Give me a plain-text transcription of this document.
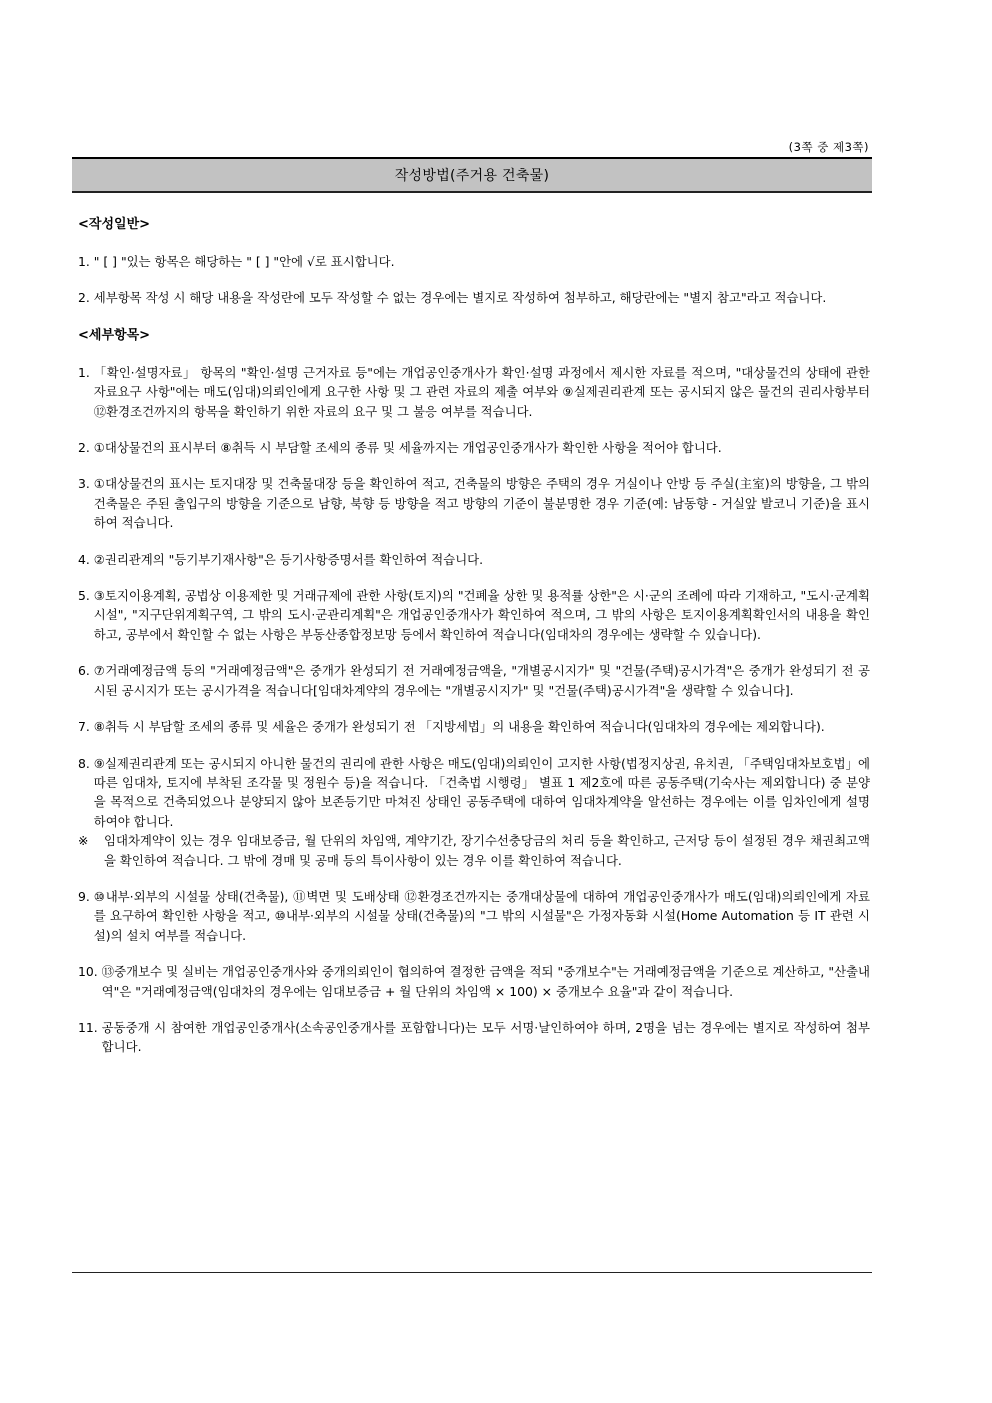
(3쪽 중 제3쪽)
작성방법(주거용 건축물)
<작성일반>
1. " [ ] "있는 항목은 해당하는 " [ ] "안에 √로 표시합니다.
2. 세부항목 작성 시 해당 내용을 작성란에 모두 작성할 수 없는 경우에는 별지로 작성하여 첨부하고, 해당란에는 "별지 참고"라고 적습니다.
<세부항목>
1. 「확인·설명자료」 항목의 "확인·설명 근거자료 등"에는 개업공인중개사가 확인·설명 과정에서 제시한 자료를 적으며, "대상물건의 상태에 관한 자료요구 사항"에는 매도(임대)의뢰인에게 요구한 사항 및 그 관련 자료의 제출 여부와 ⑨실제권리관계 또는 공시되지 않은 물건의 권리사항부터 ⑫환경조건까지의 항목을 확인하기 위한 자료의 요구 및 그 불응 여부를 적습니다.
2. ①대상물건의 표시부터 ⑧취득 시 부담할 조세의 종류 및 세율까지는 개업공인중개사가 확인한 사항을 적어야 합니다.
3. ①대상물건의 표시는 토지대장 및 건축물대장 등을 확인하여 적고, 건축물의 방향은 주택의 경우 거실이나 안방 등 주실(主室)의 방향을, 그 밖의 건축물은 주된 출입구의 방향을 기준으로 남향, 북향 등 방향을 적고 방향의 기준이 불분명한 경우 기준(예: 남동향 - 거실앞 발코니 기준)을 표시하여 적습니다.
4. ②권리관계의 "등기부기재사항"은 등기사항증명서를 확인하여 적습니다.
5. ③토지이용계획, 공법상 이용제한 및 거래규제에 관한 사항(토지)의 "건폐율 상한 및 용적률 상한"은 시·군의 조례에 따라 기재하고, "도시·군계획시설", "지구단위계획구역, 그 밖의 도시·군관리계획"은 개업공인중개사가 확인하여 적으며, 그 밖의 사항은 토지이용계획확인서의 내용을 확인하고, 공부에서 확인할 수 없는 사항은 부동산종합정보망 등에서 확인하여 적습니다(임대차의 경우에는 생략할 수 있습니다).
6. ⑦거래예정금액 등의 "거래예정금액"은 중개가 완성되기 전 거래예정금액을, "개별공시지가" 및 "건물(주택)공시가격"은 중개가 완성되기 전 공시된 공시지가 또는 공시가격을 적습니다[임대차계약의 경우에는 "개별공시지가" 및 "건물(주택)공시가격"을 생략할 수 있습니다].
7. ⑧취득 시 부담할 조세의 종류 및 세율은 중개가 완성되기 전 「지방세법」의 내용을 확인하여 적습니다(임대차의 경우에는 제외합니다).
8. ⑨실제권리관계 또는 공시되지 아니한 물건의 권리에 관한 사항은 매도(임대)의뢰인이 고지한 사항(법정지상권, 유치권, 「주택임대차보호법」에 따른 임대차, 토지에 부착된 조각물 및 정원수 등)을 적습니다. 「건축법 시행령」 별표 1 제2호에 따른 공동주택(기숙사는 제외합니다) 중 분양을 목적으로 건축되었으나 분양되지 않아 보존등기만 마쳐진 상태인 공동주택에 대하여 임대차계약을 알선하는 경우에는 이를 임차인에게 설명하여야 합니다.
※	임대차계약이 있는 경우 임대보증금, 월 단위의 차임액, 계약기간, 장기수선충당금의 처리 등을 확인하고, 근저당 등이 설정된 경우 채권최고액을 확인하여 적습니다. 그 밖에 경매 및 공매 등의 특이사항이 있는 경우 이를 확인하여 적습니다.
9. ⑩내부·외부의 시설물 상태(건축물), ⑪벽면 및 도배상태 ⑫환경조건까지는 중개대상물에 대하여 개업공인중개사가 매도(임대)의뢰인에게 자료를 요구하여 확인한 사항을 적고, ⑩내부·외부의 시설물 상태(건축물)의 "그 밖의 시설물"은 가정자동화 시설(Home Automation 등 IT 관련 시설)의 설치 여부를 적습니다.
10. ⑬중개보수 및 실비는 개업공인중개사와 중개의뢰인이 협의하여 결정한 금액을 적되 "중개보수"는 거래예정금액을 기준으로 계산하고, "산출내역"은 "거래예정금액(임대차의 경우에는 임대보증금 + 월 단위의 차임액 × 100) × 중개보수 요율"과 같이 적습니다.
11. 공동중개 시 참여한 개업공인중개사(소속공인중개사를 포함합니다)는 모두 서명·날인하여야 하며, 2명을 넘는 경우에는 별지로 작성하여 첨부합니다.
